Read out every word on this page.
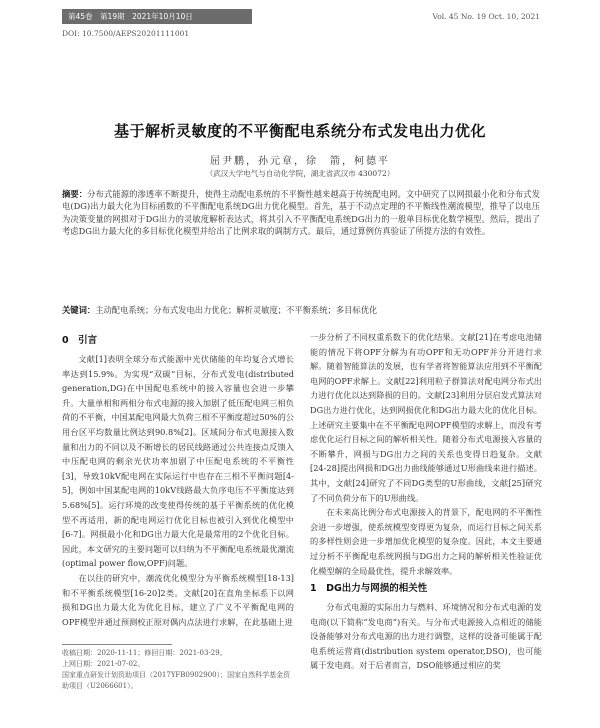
第45卷　第19期　2021年10月10日	Vol. 45 No. 19 Oct. 10, 2021
DOI: 10.7500/AEPS20201111001
基于解析灵敏度的不平衡配电系统分布式发电出力优化
屈尹鹏，孙元章，徐　箭，柯德平
（武汉大学电气与自动化学院，湖北省武汉市 430072）
摘要：分布式能源的渗透率不断提升，使得主动配电系统的不平衡性越来越高于传统配电网。文中研究了以网损最小化和分布式发电(DG)出力最大化为目标函数的不平衡配电系统DG出力优化模型。首先，基于不动点定理的不平衡线性潮流模型，推导了以电压为决策变量的网损对于DG出力的灵敏度解析表达式，将其引入不平衡配电系统DG出力的一般单目标优化数学模型。然后，提出了考虑DG出力最大化的多目标优化模型并给出了比例求取的调制方式。最后，通过算例仿真验证了所提方法的有效性。
关键词：主动配电系统；分布式发电出力优化；解析灵敏度；不平衡系统；多目标优化
0　引言

文献[1]表明全球分布式能源中光伏储能的年均复合式增长率达到15.9%。为实现“双碳”目标，分布式发电(distributed generation,DG)在中国配电系统中的接入容量也会进一步攀升。大量单相和两相分布式电源的接入加剧了低压配电网三相负荷的不平衡，中国某配电网最大负荷三相不平衡度超过50%的公用台区平均数量比例达到90.8%[2]。区域间分布式电源接入数量和出力的不同以及不断增长的居民线路通过公共连接点反馈入中压配电网的剩余光伏功率加剧了中压配电系统的不平衡性[3]，导致10kV配电网在实际运行中也存在三相不平衡问题[4-5]，例如中国某配电网的10kV线路最大负序电压不平衡度达到5.68%[5]。运行环境的改变使得传统的基于平衡系统的优化模型不再适用，新的配电网运行优化目标也被引入到优化模型中[6-7]。网损最小化和DG出力最大化是最常用的2个优化目标。因此，本文研究的主要问题可以归纳为不平衡配电系统最优潮流(optimal power flow,OPF)问题。

在以往的研究中，潮流优化模型分为平衡系统模型[18-13]和不平衡系统模型[16-20]2类。文献[20]在直角坐标系下以网损和DG出力最大化为优化目标，建立了广义不平衡配电网的OPF模型并通过预测校正原对偶内点法进行求解，在此基础上进

一步分析了不同权重系数下的优化结果。文献[21]在考虑电池储能的情况下将OPF分解为有功OPF和无功OPF并分开进行求解。随着智能算法的发展，也有学者将智能算法应用到不平衡配电网的OPF求解上。文献[22]利用粒子群算法对配电网分布式出力进行优化以达到降损的目的。文献[23]利用分层启发式算法对DG出力进行优化，达到网损优化和DG出力最大化的优化目标。上述研究主要集中在不平衡配电网OPF模型的求解上，而没有考虑优化运行目标之间的解析相关性。随着分布式电源接入容量的不断攀升，网损与DG出力之间的关系也变得日趋复杂。文献[24-28]提出网损和DG出力曲线能够通过U形曲线来进行描述。其中，文献[24]研究了不同DG类型的U形曲线，文献[25]研究了不同负荷分布下的U形曲线。

在未来高比例分布式电源接入的背景下，配电网的不平衡性会进一步增强，使系统模型变得更为复杂，而运行目标之间关系的多样性则会进一步增加优化模型的复杂度。因此，本文主要通过分析不平衡配电系统网损与DG出力之间的解析相关性验证优化模型解的全局最优性，提升求解效率。

1　DG出力与网损的相关性

分布式电源的实际出力与燃料、环境情况和分布式电源的发电商(以下简称“发电商”)有关。与分布式电源接入点相近的储能设备能够对分布式电源的出力进行调整，这样的设备可能属于配电系统运营商(distribution system operator,DSO)，也可能属于发电商。对于后者而言，DSO能够通过相应的奖

收稿日期：2020-11-11；修回日期：2021-03-29。
上网日期：2021-07-02。
国家重点研发计划资助项目（2017YFB0902900）；国家自然科学基金资助项目（U2066601）。
